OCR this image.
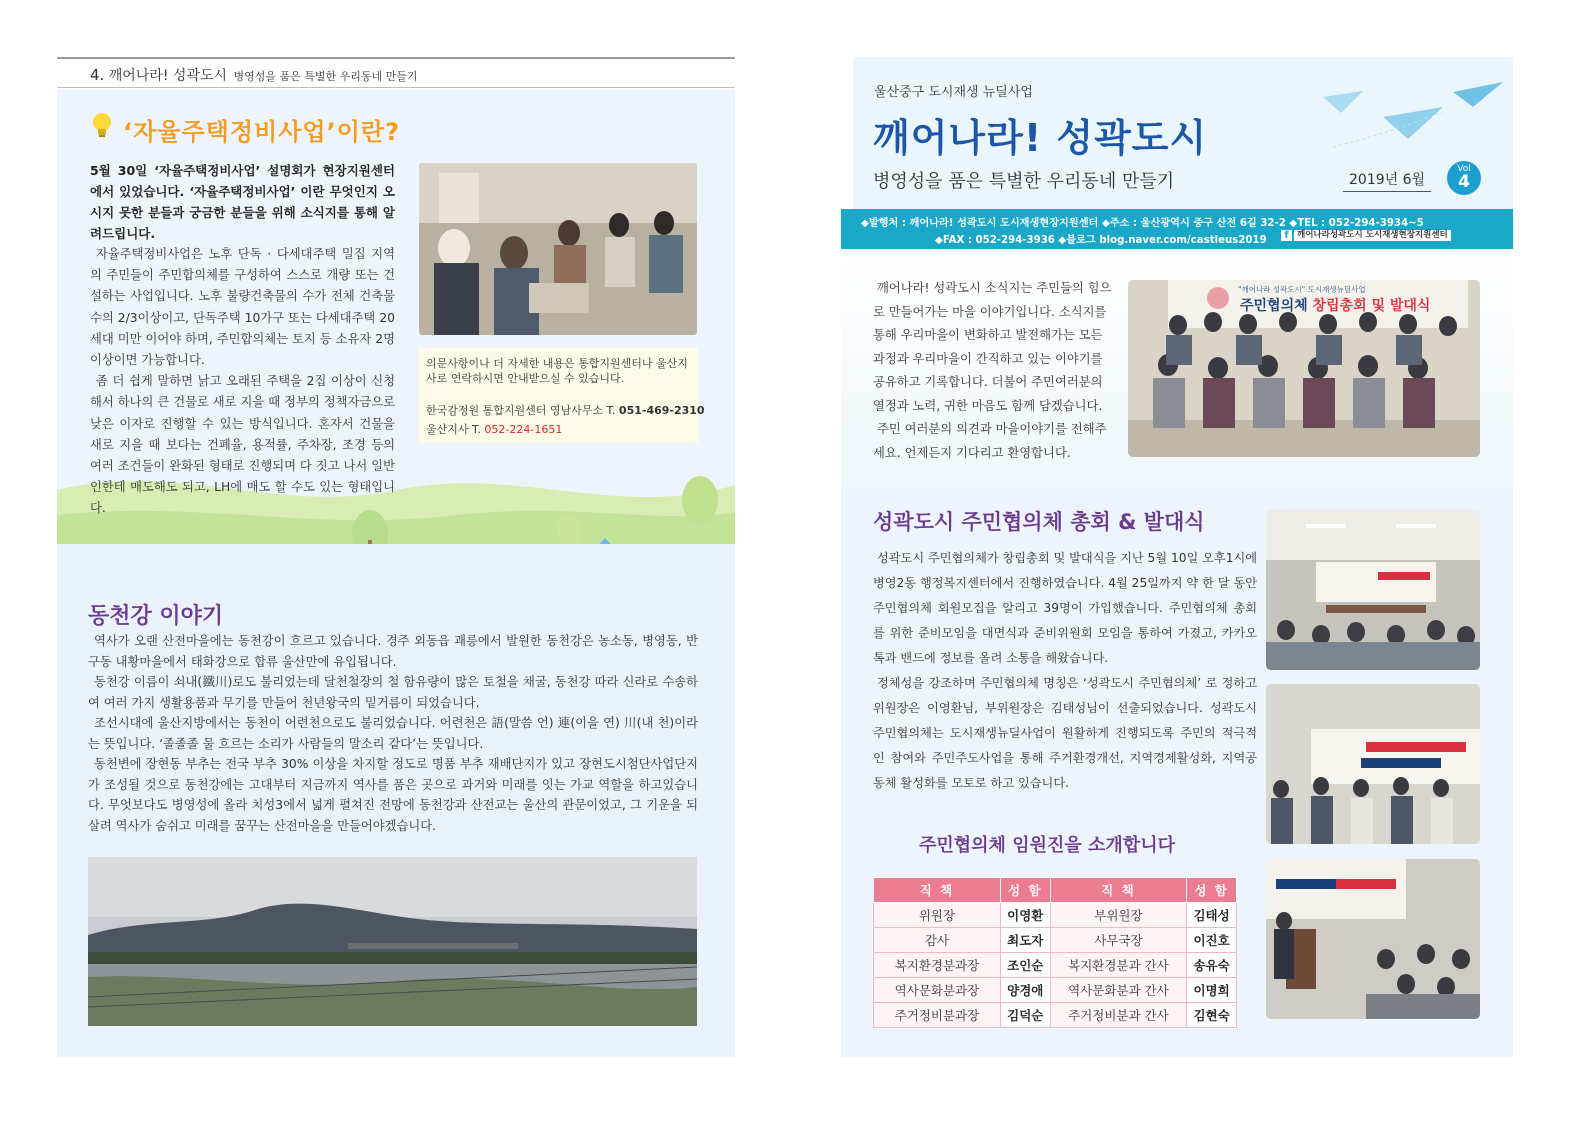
4. 깨어나라! 성곽도시 병영성을 품은 특별한 우리동네 만들기
‘자율주택정비사업’이란?
5월 30일 ‘자율주택정비사업’ 설명회가 현장지원센터에서 있었습니다. ‘자율주택정비사업’ 이란 무엇인지 오시지 못한 분들과 궁금한 분들을 위해 소식지를 통해 알려드립니다.

자율주택정비사업은 노후 단독 · 다세대주택 밀집 지역의 주민들이 주민합의체를 구성하여 스스로 개량 또는 건설하는 사업입니다. 노후 불량건축물의 수가 전체 건축물수의 2/3이상이고, 단독주택 10가구 또는 다세대주택 20세대 미만 이어야 하며, 주민합의체는 토지 등 소유자 2명 이상이면 가능합니다.

좀 더 쉽게 말하면 낡고 오래된 주택을 2집 이상이 신청해서 하나의 큰 건물로 새로 지을 때 정부의 정책자금으로 낮은 이자로 진행할 수 있는 방식입니다. 혼자서 건물을 새로 지을 때 보다는 건폐율, 용적률, 주차장, 조경 등의 여러 조건들이 완화된 형태로 진행되며 다 짓고 나서 일반인한테 매도해도 되고, LH에 매도 할 수도 있는 형태입니다.

의문사항이나 더 자세한 내용은 통합지원센터나 울산지사로 연락하시면 안내받으실 수 있습니다.
한국감정원 통합지원센터 영남사무소 T. 051-469-2310
울산지사 T. 052-224-1651
동천강 이야기

역사가 오랜 산전마을에는 동천강이 흐르고 있습니다. 경주 외동읍 괘릉에서 발원한 동천강은 농소동, 병영동, 반구동 내황마을에서 태화강으로 합류 울산만에 유입됩니다.

동천강 이름이 쇠내(鐵川)로도 불리었는데 달천철장의 철 함유량이 많은 토철을 채굴, 동천강 따라 신라로 수송하여 여러 가지 생활용품과 무기를 만들어 천년왕국의 밑거름이 되었습니다.

조선시대에 울산지방에서는 동천이 어련천으로도 불리었습니다. 어련천은 語(말씀 언) 連(이을 연) 川(내 천)이라는 뜻입니다. ‘졸졸졸 물 흐르는 소리가 사람들의 말소리 같다’는 뜻입니다.

동천변에 장현동 부추는 전국 부추 30% 이상을 차지할 정도로 명품 부추 재배단지가 있고 장현도시첨단사업단지가 조성될 것으로 동천강에는 고대부터 지금까지 역사를 품은 곳으로 과거와 미래를 잇는 가교 역할을 하고있습니다. 무엇보다도 병영성에 올라 치성3에서 넓게 펼쳐진 전망에 동천강과 산전교는 울산의 관문이었고, 그 기운을 되살려 역사가 숨쉬고 미래를 꿈꾸는 산전마을을 만들어야겠습니다.

울산중구 도시재생 뉴딜사업
깨어나라! 성곽도시
병영성을 품은 특별한 우리동네 만들기	2019년 6월
Vol
4
◆발행처 : 깨어나라! 성곽도시 도시재생현장지원센터 ◆주소 : 울산광역시 중구 산전 6길 32-2 ◆TEL : 052-294-3934~5
◆FAX : 052-294-3936 ◆블로그 blog.naver.com/castleus2019	f 깨어나라성곽도시 도시재생현장지원센터

깨어나라! 성곽도시 소식지는 주민들의 힘으로 만들어가는 마을 이야기입니다. 소식지를 통해 우리마을이 변화하고 발전해가는 모든 과정과 우리마을이 간직하고 있는 이야기를 공유하고 기록합니다. 더불어 주민여러분의 열정과 노력, 귀한 마음도 함께 담겠습니다.

주민 여러분의 의견과 마을이야기를 전해주세요. 언제든지 기다리고 환영합니다.

"깨어나라 성곽도시" 도시재생뉴딜사업
주민협의체 창립총회 및 발대식
성곽도시 주민협의체 총회 & 발대식

성곽도시 주민협의체가 창립총회 및 발대식을 지난 5월 10일 오후1시에 병영2동 행정복지센터에서 진행하였습니다. 4월 25일까지 약 한 달 동안 주민협의체 회원모집을 알리고 39명이 가입했습니다. 주민협의체 총회를 위한 준비모임을 대면식과 준비위원회 모임을 통하여 가졌고, 카카오톡과 밴드에 정보를 올려 소통을 해왔습니다.

정체성을 강조하며 주민협의체 명칭은 ‘성곽도시 주민협의체’ 로 정하고 위원장은 이영환님, 부위원장은 김태성님이 선출되었습니다. 성곽도시 주민협의체는 도시재생뉴딜사업이 원활하게 진행되도록 주민의 적극적인 참여와 주민주도사업을 통해 주거환경개선, 지역경제활성화, 지역공동체 활성화를 모토로 하고 있습니다.

주민협의체 임원진을 소개합니다
직 책	성 함	직 책	성 함
위원장	이영환	부위원장	김태성
감사	최도자	사무국장	이진호
복지환경분과장	조인순	복지환경분과 간사	송유숙
역사문화분과장	양경애	역사문화분과 간사	이명희
주거정비분과장	김덕순	주거정비분과 간사	김현숙
